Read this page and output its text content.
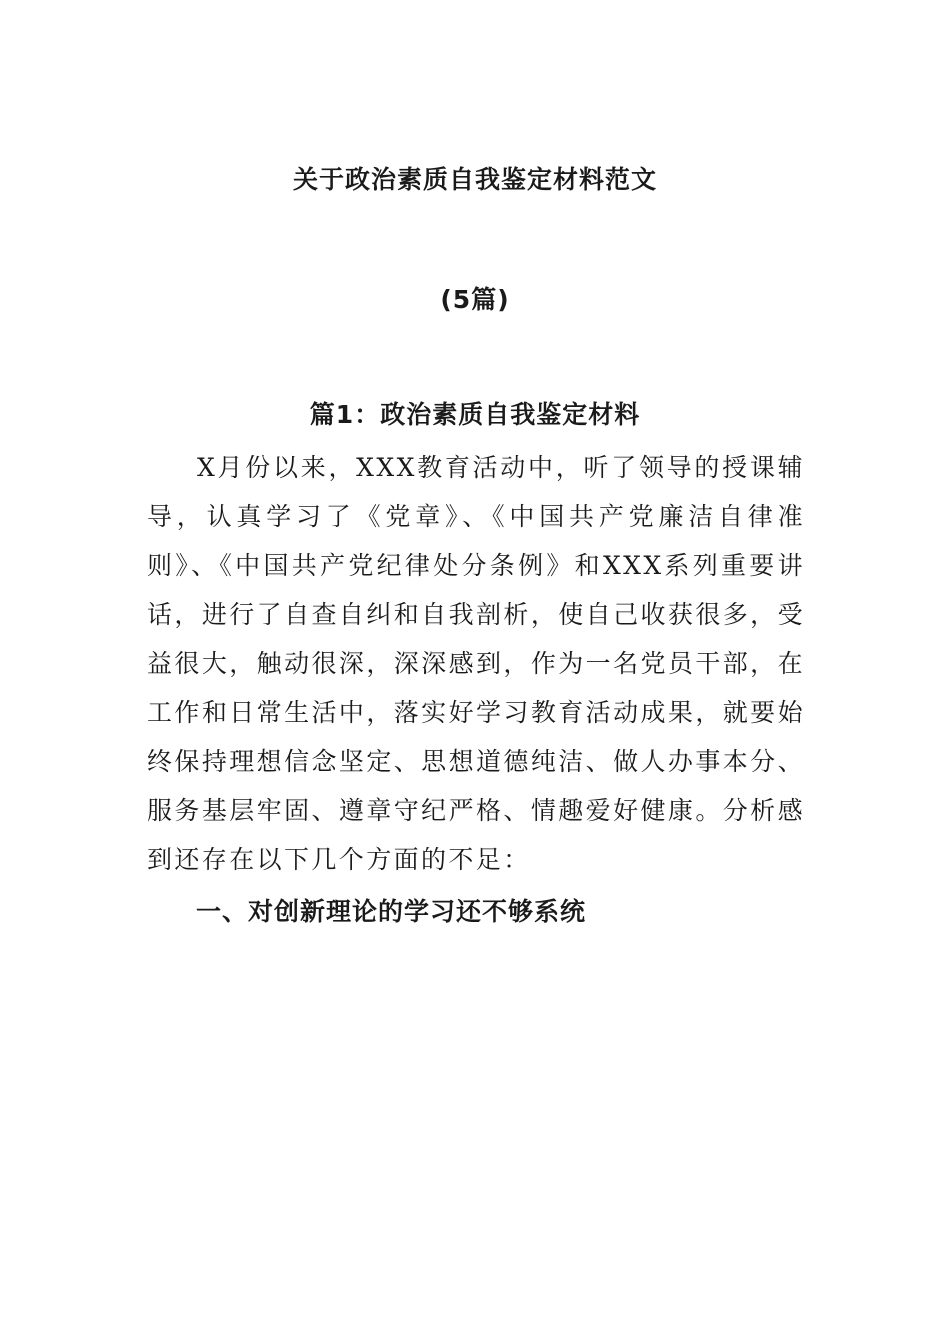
关于政治素质自我鉴定材料范文
(5篇)
篇1：政治素质自我鉴定材料

X月份以来，XXX教育活动中，听了领导的授课辅导，认真学习了《党章》、《中国共产党廉洁自律准则》、《中国共产党纪律处分条例》和XXX系列重要讲话，进行了自查自纠和自我剖析，使自己收获很多，受益很大，触动很深，深深感到，作为一名党员干部，在工作和日常生活中，落实好学习教育活动成果，就要始终保持理想信念坚定、思想道德纯洁、做人办事本分、服务基层牢固、遵章守纪严格、情趣爱好健康。分析感到还存在以下几个方面的不足：

一、对创新理论的学习还不够系统
